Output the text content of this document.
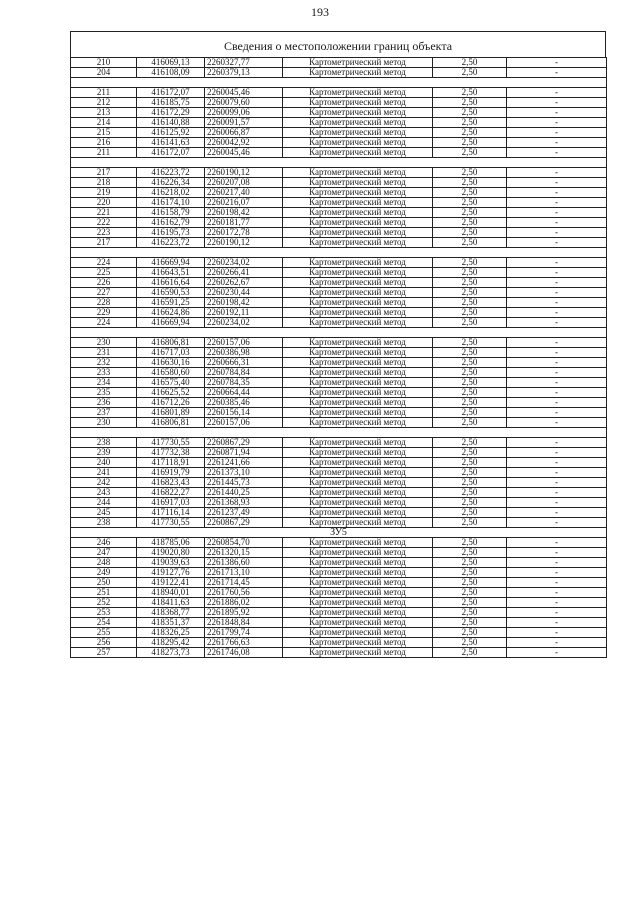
193
Сведения о местоположении границ объекта
210	416069,13	2260327,77	Картометрический метод	2,50	-
204	416108,09	2260379,13	Картометрический метод	2,50	-

211	416172,07	2260045,46	Картометрический метод	2,50	-
212	416185,75	2260079,60	Картометрический метод	2,50	-
213	416172,29	2260099,06	Картометрический метод	2,50	-
214	416140,88	2260091,57	Картометрический метод	2,50	-
215	416125,92	2260066,87	Картометрический метод	2,50	-
216	416141,63	2260042,92	Картометрический метод	2,50	-
211	416172,07	2260045,46	Картометрический метод	2,50	-

217	416223,72	2260190,12	Картометрический метод	2,50	-
218	416226,34	2260207,08	Картометрический метод	2,50	-
219	416218,02	2260217,40	Картометрический метод	2,50	-
220	416174,10	2260216,07	Картометрический метод	2,50	-
221	416158,79	2260198,42	Картометрический метод	2,50	-
222	416162,79	2260181,77	Картометрический метод	2,50	-
223	416195,73	2260172,78	Картометрический метод	2,50	-
217	416223,72	2260190,12	Картометрический метод	2,50	-

224	416669,94	2260234,02	Картометрический метод	2,50	-
225	416643,51	2260266,41	Картометрический метод	2,50	-
226	416616,64	2260262,67	Картометрический метод	2,50	-
227	416590,53	2260230,44	Картометрический метод	2,50	-
228	416591,25	2260198,42	Картометрический метод	2,50	-
229	416624,86	2260192,11	Картометрический метод	2,50	-
224	416669,94	2260234,02	Картометрический метод	2,50	-

230	416806,81	2260157,06	Картометрический метод	2,50	-
231	416717,03	2260386,98	Картометрический метод	2,50	-
232	416630,16	2260666,31	Картометрический метод	2,50	-
233	416580,60	2260784,84	Картометрический метод	2,50	-
234	416575,40	2260784,35	Картометрический метод	2,50	-
235	416625,52	2260664,44	Картометрический метод	2,50	-
236	416712,26	2260385,46	Картометрический метод	2,50	-
237	416801,89	2260156,14	Картометрический метод	2,50	-
230	416806,81	2260157,06	Картометрический метод	2,50	-

238	417730,55	2260867,29	Картометрический метод	2,50	-
239	417732,38	2260871,94	Картометрический метод	2,50	-
240	417118,91	2261241,66	Картометрический метод	2,50	-
241	416919,79	2261373,10	Картометрический метод	2,50	-
242	416823,43	2261445,73	Картометрический метод	2,50	-
243	416822,27	2261440,25	Картометрический метод	2,50	-
244	416917,03	2261368,93	Картометрический метод	2,50	-
245	417116,14	2261237,49	Картометрический метод	2,50	-
238	417730,55	2260867,29	Картометрический метод	2,50	-
ЗУ5					
246	418785,06	2260854,70	Картометрический метод	2,50	-
247	419020,80	2261320,15	Картометрический метод	2,50	-
248	419039,63	2261386,60	Картометрический метод	2,50	-
249	419127,76	2261713,10	Картометрический метод	2,50	-
250	419122,41	2261714,45	Картометрический метод	2,50	-
251	418940,01	2261760,56	Картометрический метод	2,50	-
252	418411,63	2261886,02	Картометрический метод	2,50	-
253	418368,77	2261895,92	Картометрический метод	2,50	-
254	418351,37	2261848,84	Картометрический метод	2,50	-
255	418326,25	2261799,74	Картометрический метод	2,50	-
256	418295,42	2261766,63	Картометрический метод	2,50	-
257	418273,73	2261746,08	Картометрический метод	2,50	-
